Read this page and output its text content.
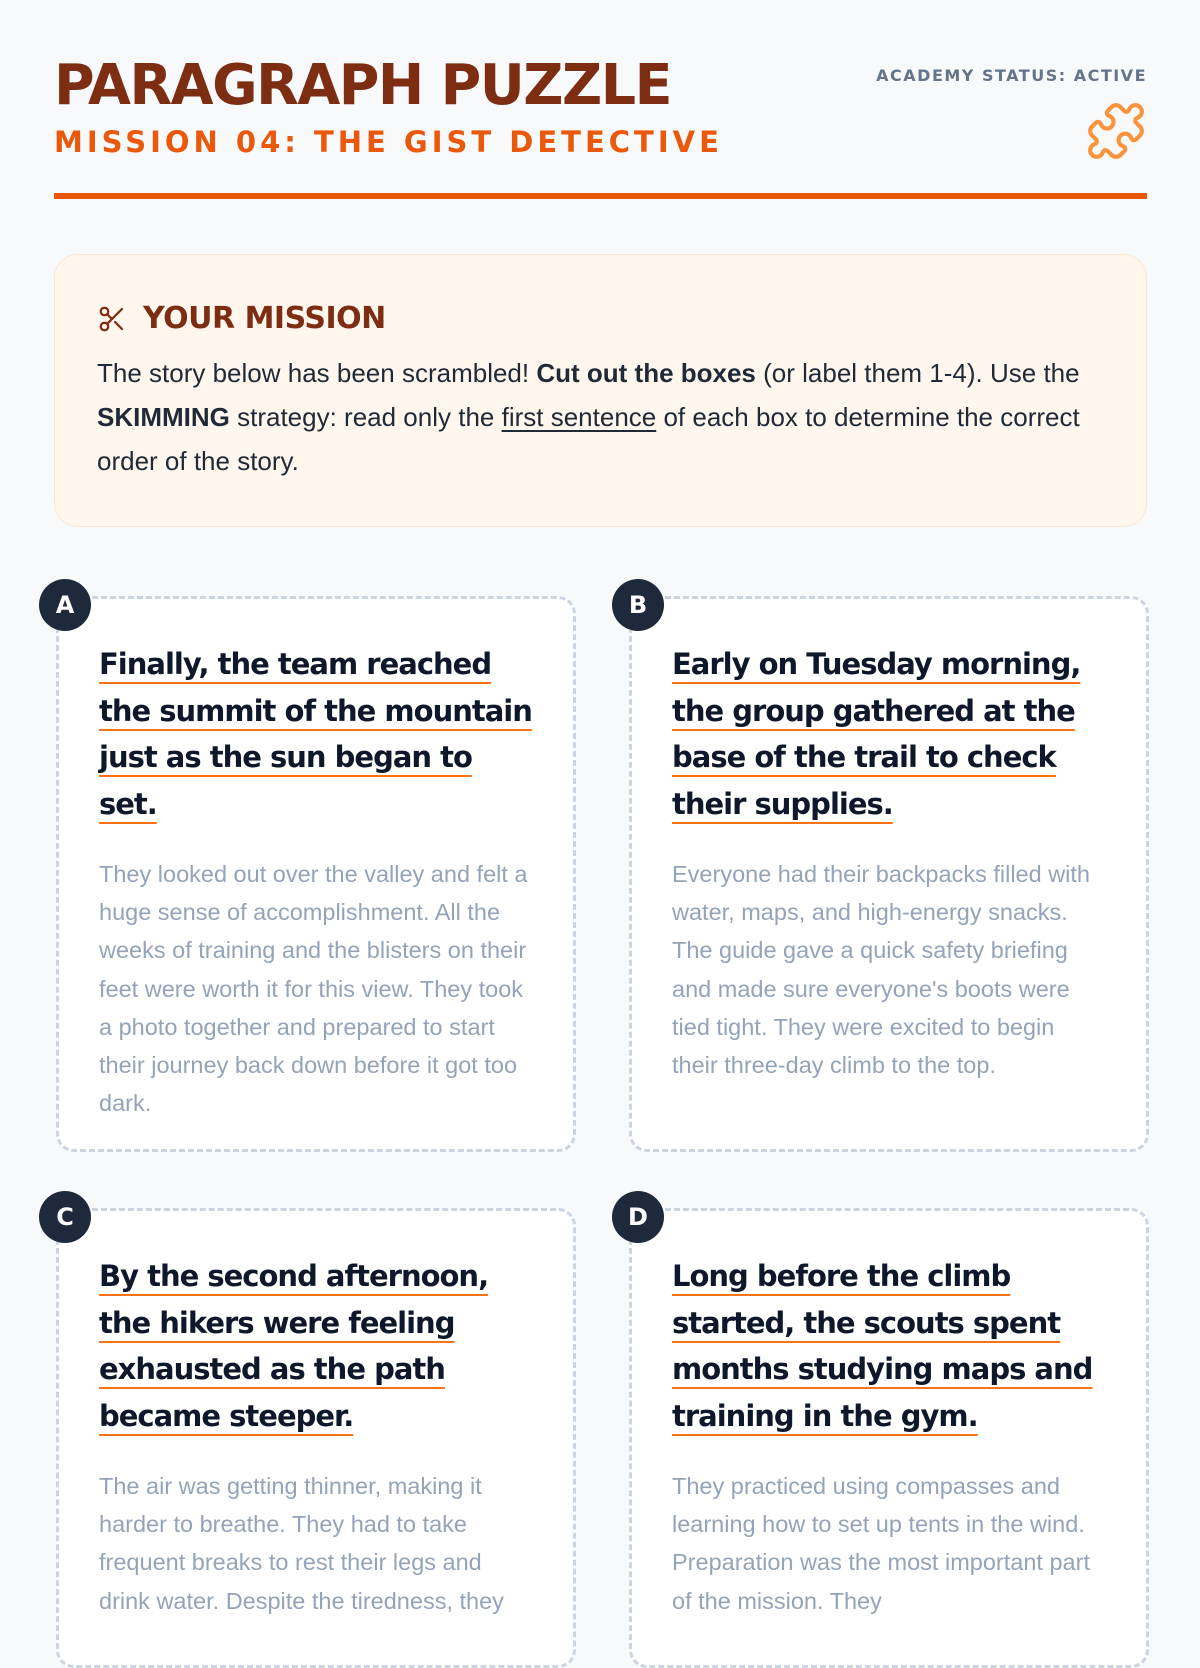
PARAGRAPH PUZZLE
MISSION 04: THE GIST DETECTIVE
ACADEMY STATUS: ACTIVE
YOUR MISSION
The story below has been scrambled! Cut out the boxes (or label them 1-4). Use the SKIMMING strategy: read only the first sentence of each box to determine the correct order of the story.
A
Finally, the team reached the summit of the mountain just as the sun began to set.
They looked out over the valley and felt a huge sense of accomplishment. All the weeks of training and the blisters on their feet were worth it for this view. They took a photo together and prepared to start their journey back down before it got too dark.
B
Early on Tuesday morning, the group gathered at the base of the trail to check their supplies.
Everyone had their backpacks filled with water, maps, and high-energy snacks. The guide gave a quick safety briefing and made sure everyone's boots were tied tight. They were excited to begin their three-day climb to the top.
C
By the second afternoon, the hikers were feeling exhausted as the path became steeper.
The air was getting thinner, making it harder to breathe. They had to take frequent breaks to rest their legs and drink water. Despite the tiredness, they
D
Long before the climb started, the scouts spent months studying maps and training in the gym.
They practiced using compasses and learning how to set up tents in the wind. Preparation was the most important part of the mission. They
